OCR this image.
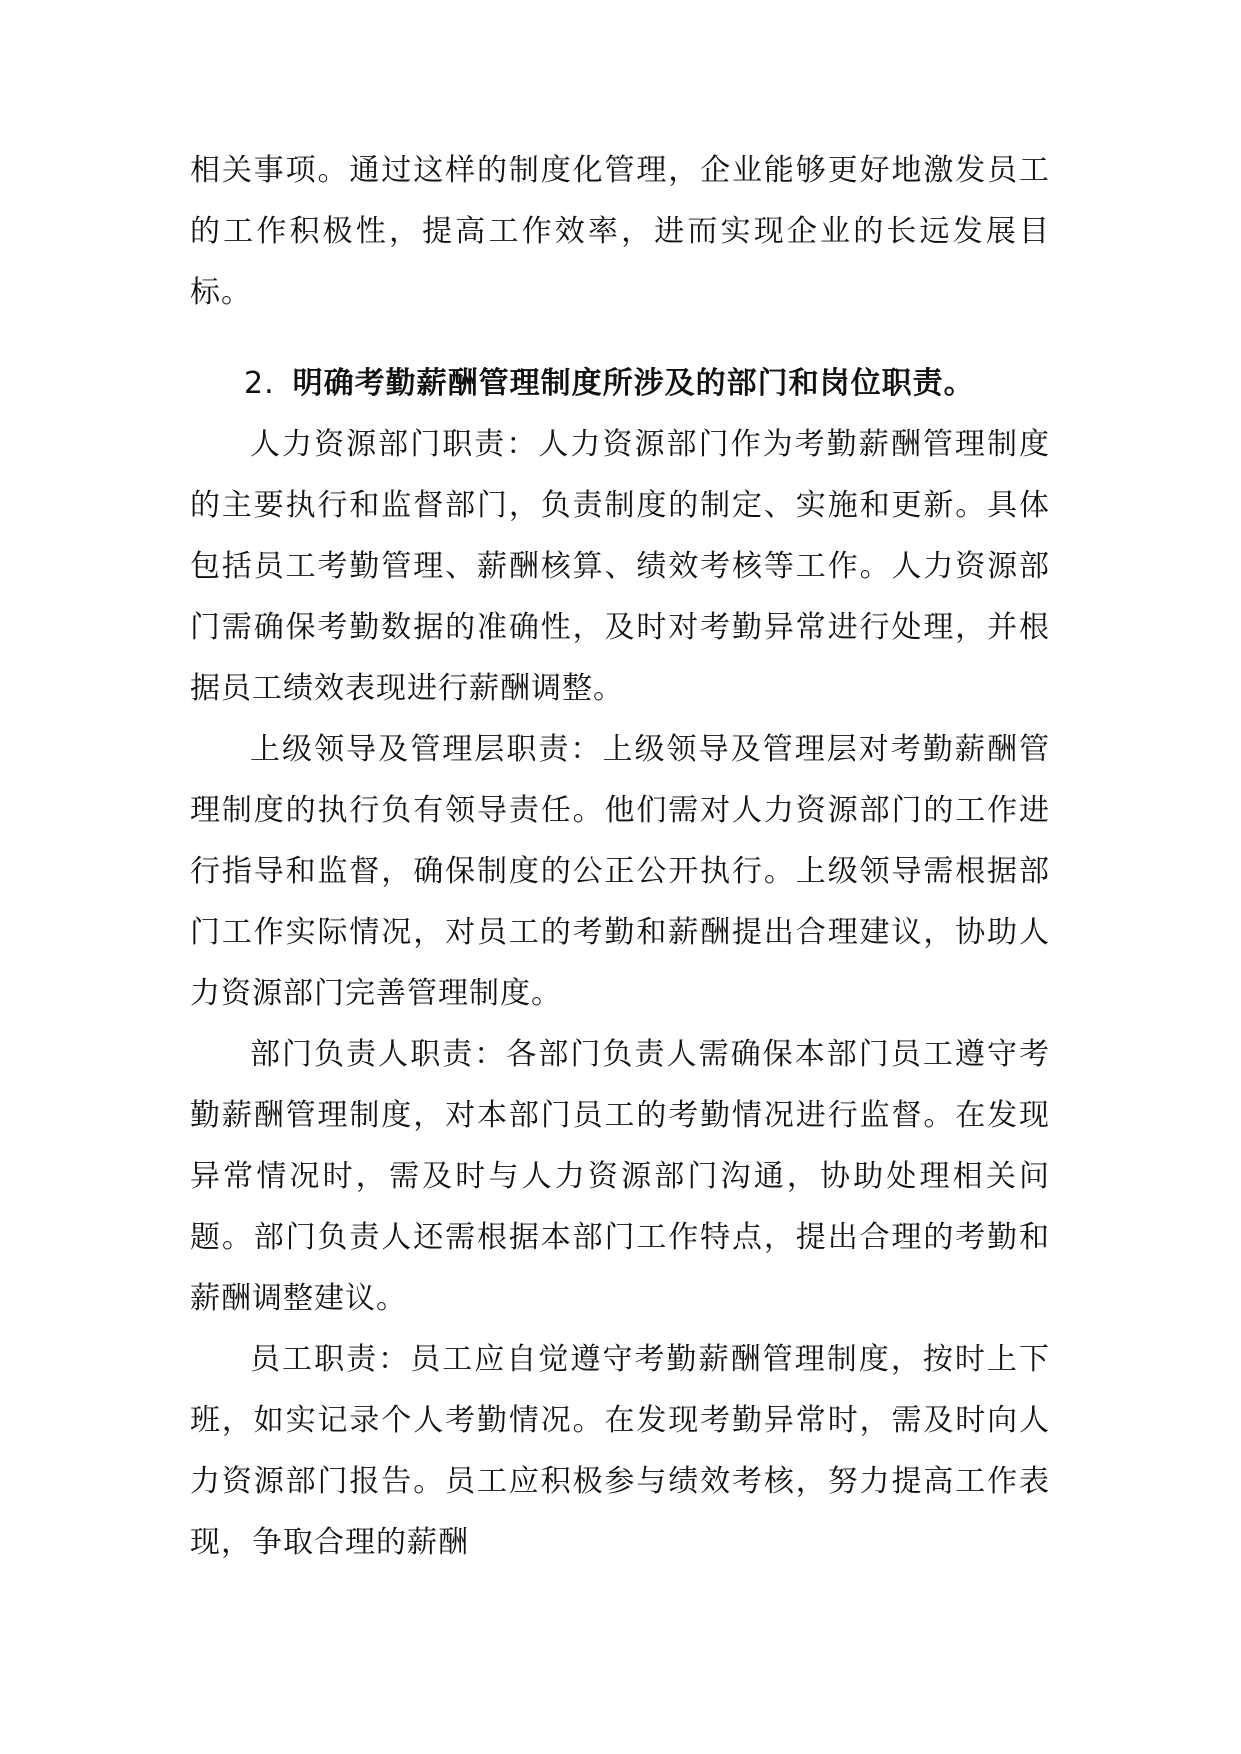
相关事项。通过这样的制度化管理，企业能够更好地激发员工的工作积极性，提高工作效率，进而实现企业的长远发展目标。

2. 明确考勤薪酬管理制度所涉及的部门和岗位职责。

人力资源部门职责：人力资源部门作为考勤薪酬管理制度的主要执行和监督部门，负责制度的制定、实施和更新。具体包括员工考勤管理、薪酬核算、绩效考核等工作。人力资源部门需确保考勤数据的准确性，及时对考勤异常进行处理，并根据员工绩效表现进行薪酬调整。

上级领导及管理层职责：上级领导及管理层对考勤薪酬管理制度的执行负有领导责任。他们需对人力资源部门的工作进行指导和监督，确保制度的公正公开执行。上级领导需根据部门工作实际情况，对员工的考勤和薪酬提出合理建议，协助人力资源部门完善管理制度。

部门负责人职责：各部门负责人需确保本部门员工遵守考勤薪酬管理制度，对本部门员工的考勤情况进行监督。在发现异常情况时，需及时与人力资源部门沟通，协助处理相关问题。部门负责人还需根据本部门工作特点，提出合理的考勤和薪酬调整建议。

员工职责：员工应自觉遵守考勤薪酬管理制度，按时上下班，如实记录个人考勤情况。在发现考勤异常时，需及时向人力资源部门报告。员工应积极参与绩效考核，努力提高工作表现，争取合理的薪酬
